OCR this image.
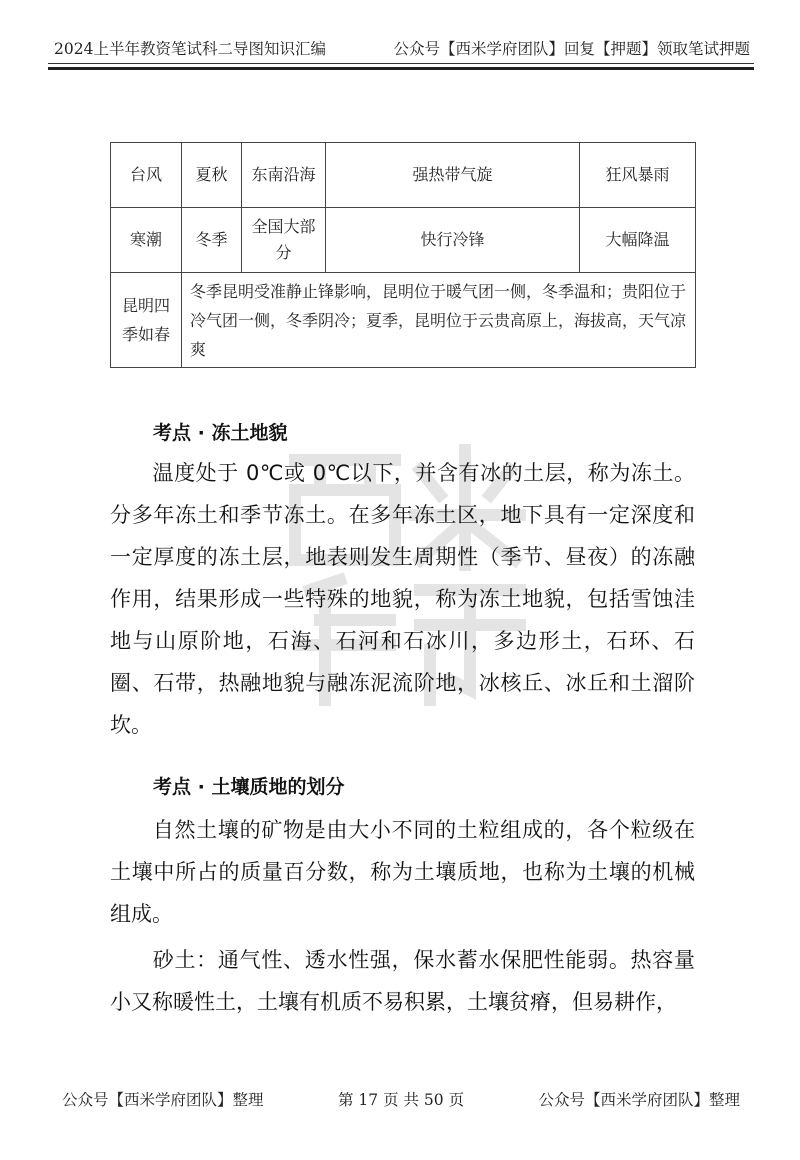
2024上半年教资笔试科二导图知识汇编	公众号【西米学府团队】回复【押题】领取笔试押题
台风	夏秋	东南沿海	强热带气旋	狂风暴雨
寒潮	冬季	全国大部分	快行冷锋	大幅降温
昆明四季如春	冬季昆明受准静止锋影响，昆明位于暖气团一侧，冬季温和；贵阳位于冷气团一侧，冬季阴冷；夏季，昆明位于云贵高原上，海拔高，天气凉爽			
考点 · 冻土地貌
温度处于 0℃或 0℃以下，并含有冰的土层，称为冻土。分多年冻土和季节冻土。在多年冻土区，地下具有一定深度和一定厚度的冻土层，地表则发生周期性（季节、昼夜）的冻融作用，结果形成一些特殊的地貌，称为冻土地貌，包括雪蚀洼地与山原阶地，石海、石河和石冰川，多边形土，石环、石圈、石带，热融地貌与融冻泥流阶地，冰核丘、冰丘和土溜阶坎。
考点 · 土壤质地的划分
自然土壤的矿物是由大小不同的土粒组成的，各个粒级在土壤中所占的质量百分数，称为土壤质地，也称为土壤的机械组成。
砂土：通气性、透水性强，保水蓄水保肥性能弱。热容量小又称暖性土，土壤有机质不易积累，土壤贫瘠，但易耕作，
公众号【西米学府团队】整理	第 17 页 共 50 页	公众号【西米学府团队】整理
